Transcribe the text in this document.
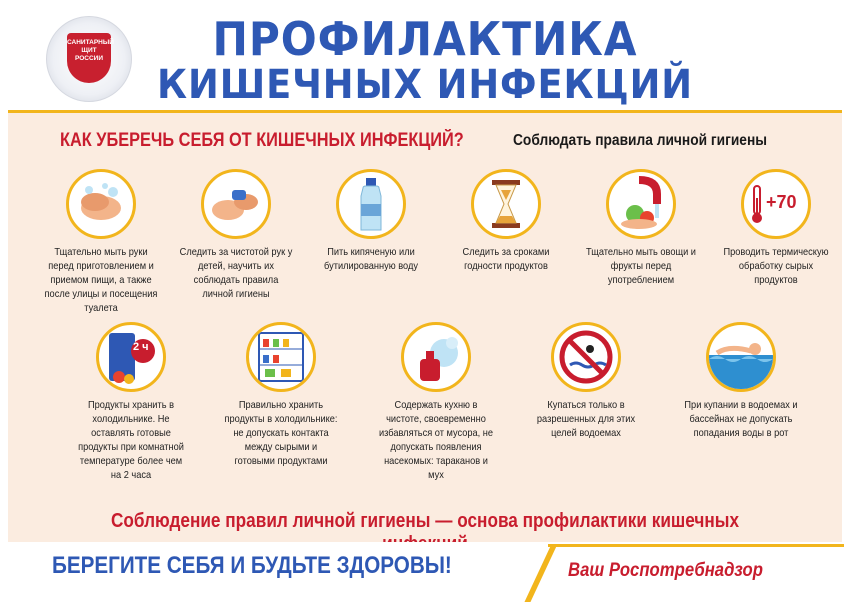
САНИТАРНЫЙ
ЩИТ
РОССИИ	ПРОФИЛАКТИКА
КИШЕЧНЫХ ИНФЕКЦИЙ
КАК УБЕРЕЧЬ СЕБЯ ОТ КИШЕЧНЫХ ИНФЕКЦИЙ?	Соблюдать правила личной гигиены
Тщательно мыть руки перед приготовлением и приемом пищи, а также после улицы и посещения туалета
Следить за чистотой рук у детей, научить их соблюдать правила личной гигиены
Пить кипяченую или бутилированную воду
Следить за сроками годности продуктов
Тщательно мыть овощи и фрукты перед употреблением
+70
Проводить термическую обработку сырых продуктов
2 ч
Продукты хранить в холодильнике. Не оставлять готовые продукты при комнатной температуре более чем на 2 часа
Правильно хранить продукты в холодильнике: не допускать контакта между сырыми и готовыми продуктами
Содержать кухню в чистоте, своевременно избавляться от мусора, не допускать появления насекомых: тараканов и мух
Купаться только в разрешенных для этих целей водоемах
При купании в водоемах и бассейнах не допускать попадания воды в рот
Соблюдение правил личной гигиены — основа профилактики кишечных
БЕРЕГИТЕ СЕБЯ И БУДЬТЕ ЗДОРОВЫ!	Ваш Роспотребнадзор
